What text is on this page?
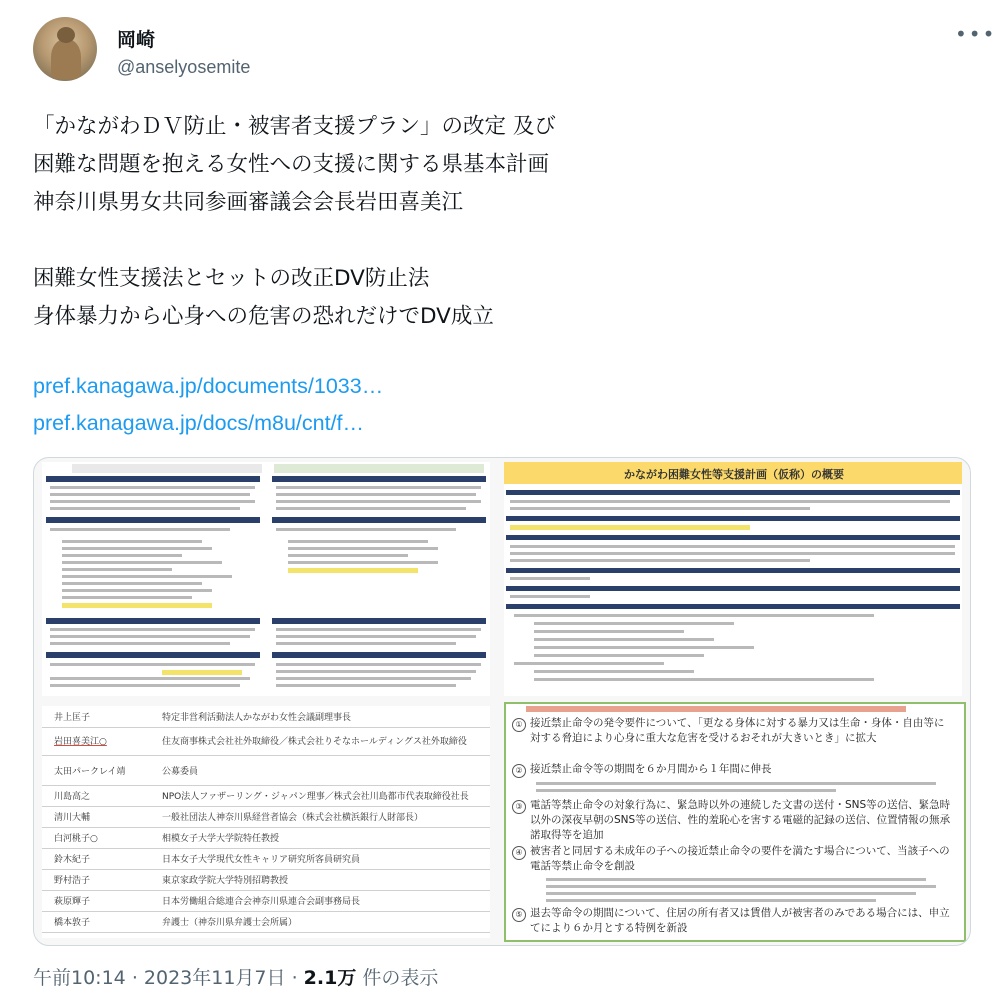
岡崎
@anselyosemite
•••
「かながわＤＶ防止・被害者支援プラン」の改定 及び
困難な問題を抱える女性への支援に関する県基本計画
神奈川県男女共同参画審議会会長岩田喜美江
困難女性支援法とセットの改正DV防止法
身体暴力から心身への危害の恐れだけでDV成立
pref.kanagawa.jp/documents/1033…
pref.kanagawa.jp/docs/m8u/cnt/f…
かながわ困難女性等支援計画（仮称）の概要
井上匡子	特定非営利活動法人かながわ女性会議副理事長
岩田喜美江○	住友商事株式会社社外取締役／株式会社りそなホールディングス社外取締役
太田パークレイ靖	公募委員
川島高之	NPO法人ファザーリング・ジャパン理事／株式会社川島都市代表取締役社長
清川大輔	一般社団法人神奈川県経営者協会（株式会社横浜銀行人財部長）
白河桃子○	相模女子大学大学院特任教授
鈴木紀子	日本女子大学現代女性キャリア研究所客員研究員
野村浩子	東京家政学院大学特別招聘教授
萩原輝子	日本労働組合総連合会神奈川県連合会副事務局長
橋本敦子	弁護士（神奈川県弁護士会所属）
① 接近禁止命令の発令要件について、「更なる身体に対する暴力又は生命・身体・自由等に対する脅迫により心身に重大な危害を受けるおそれが大きいとき」に拡大
② 接近禁止命令等の期間を６か月間から１年間に伸長
③ 電話等禁止命令の対象行為に、緊急時以外の連続した文書の送付・SNS等の送信、緊急時以外の深夜早朝のSNS等の送信、性的羞恥心を害する電磁的記録の送信、位置情報の無承諾取得等を追加
④ 被害者と同居する未成年の子への接近禁止命令の要件を満たす場合について、当該子への電話等禁止命令を創設
⑤ 退去等命令の期間について、住居の所有者又は賃借人が被害者のみである場合には、申立てにより６か月とする特例を新設
午前10:14 · 2023年11月7日 · 2.1万 件の表示
